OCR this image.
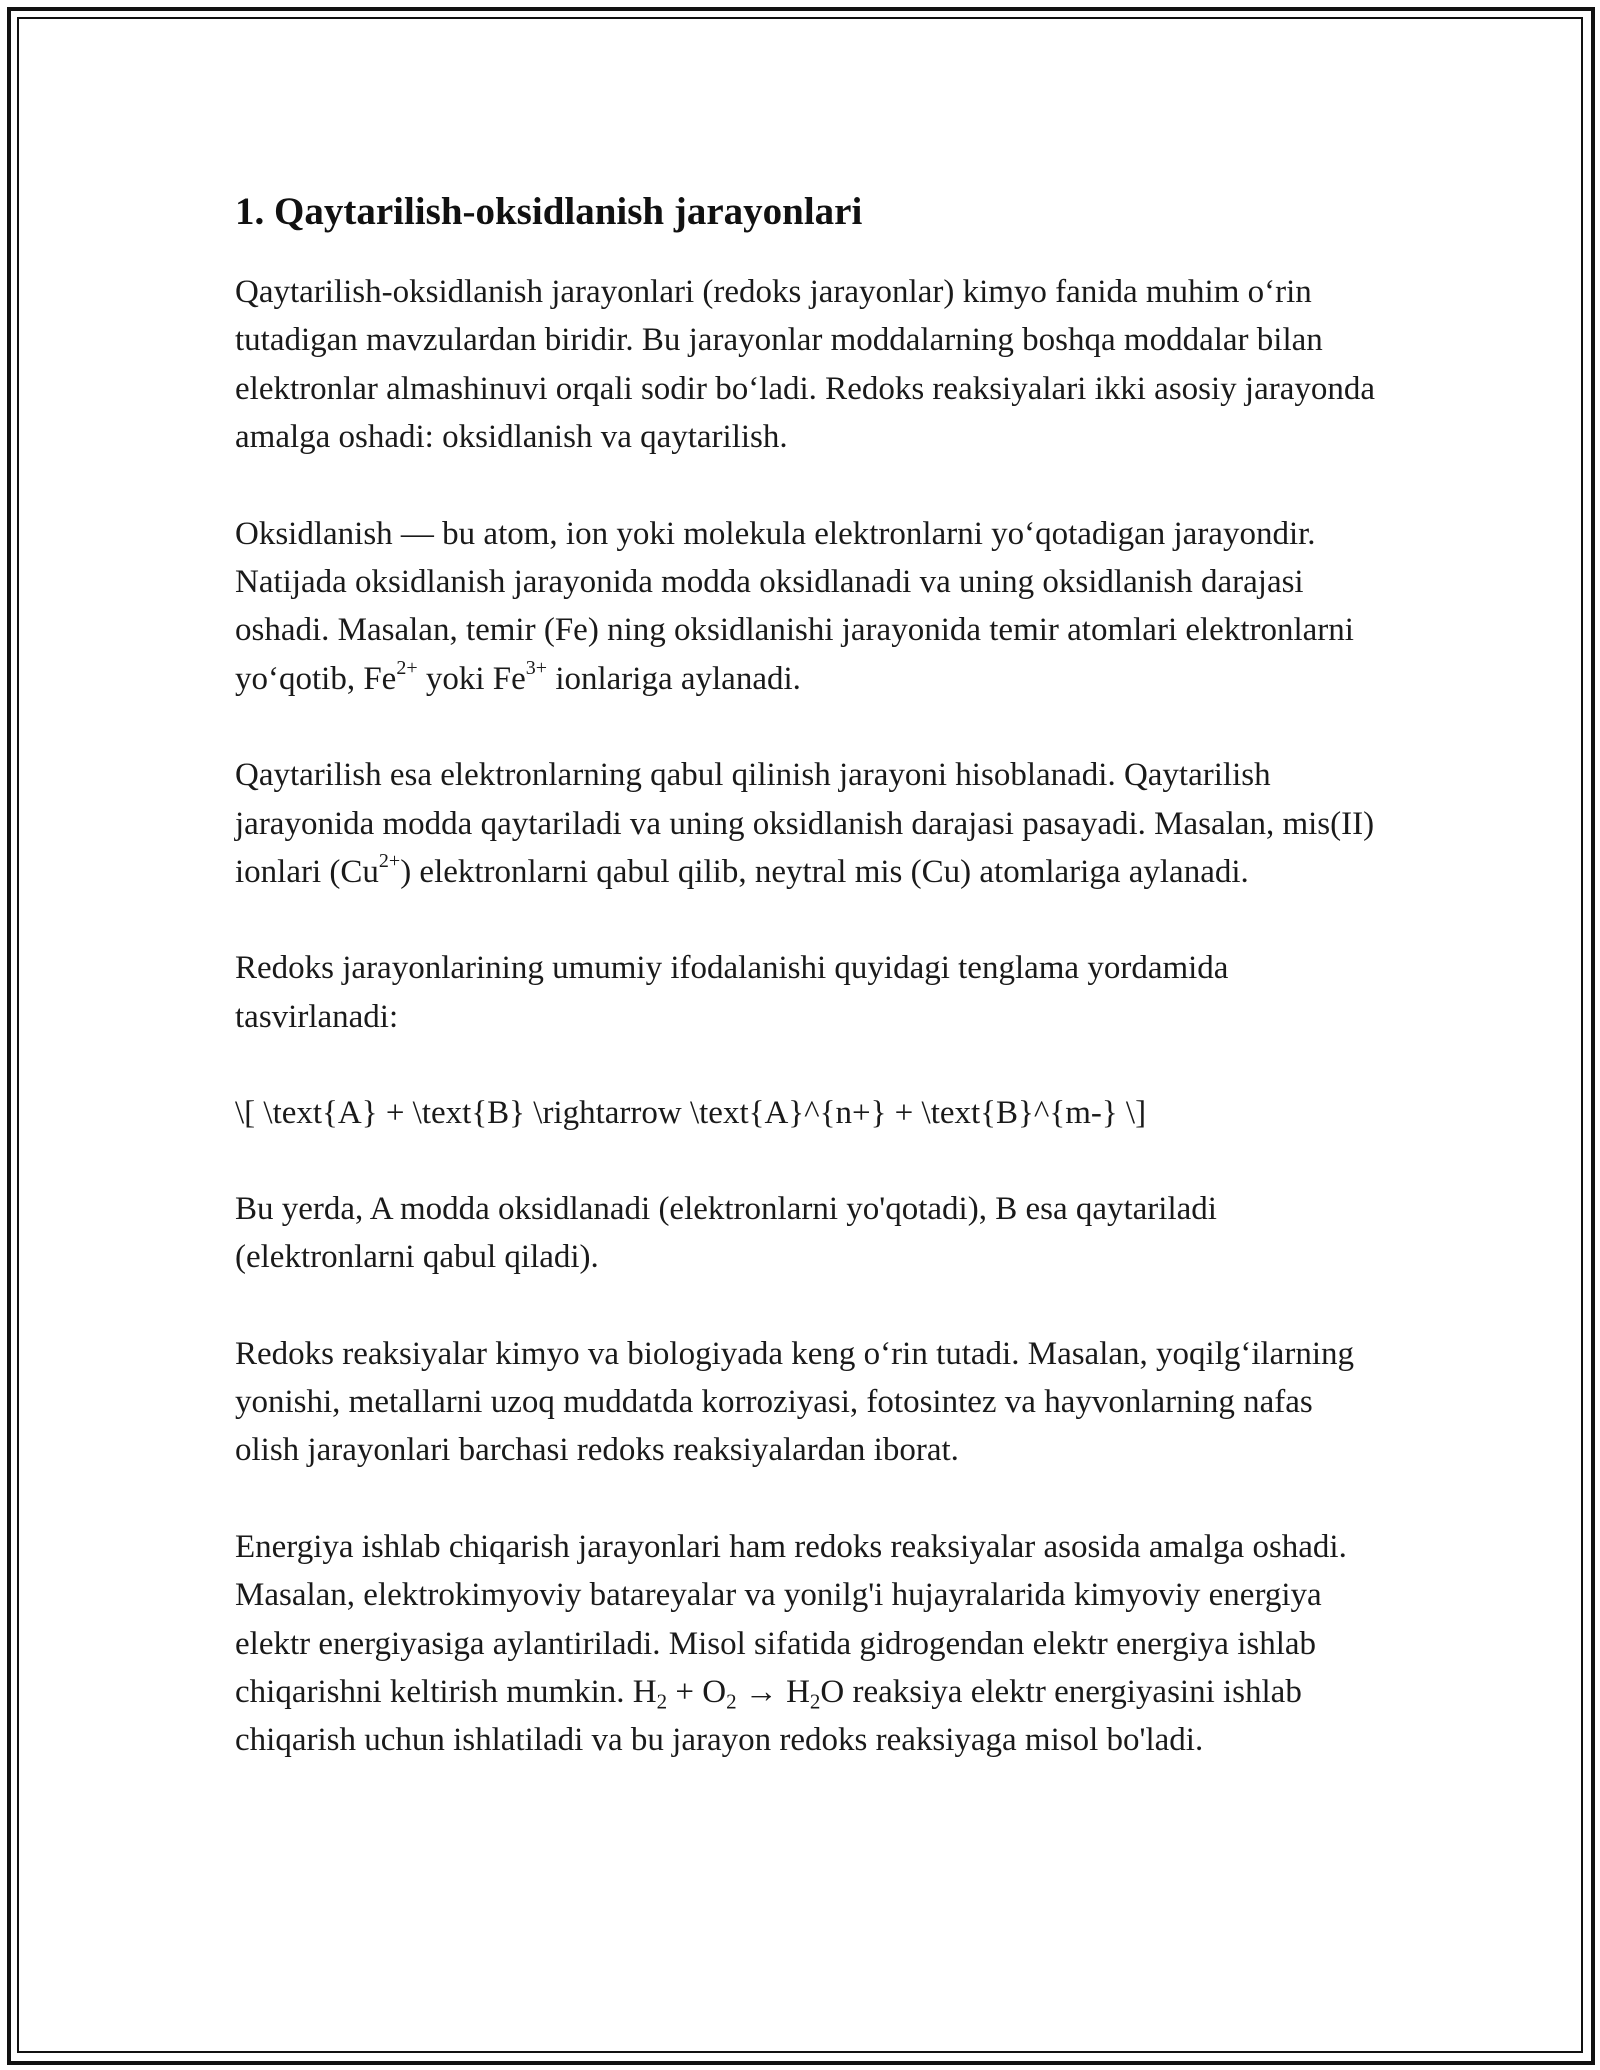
1. Qaytarilish-oksidlanish jarayonlari

Qaytarilish-oksidlanish jarayonlari (redoks jarayonlar) kimyo fanida muhim o‘rin tutadigan mavzulardan biridir. Bu jarayonlar moddalarning boshqa moddalar bilan elektronlar almashinuvi orqali sodir bo‘ladi. Redoks reaksiyalari ikki asosiy jarayonda amalga oshadi: oksidlanish va qaytarilish.

Oksidlanish — bu atom, ion yoki molekula elektronlarni yo‘qotadigan jarayondir. Natijada oksidlanish jarayonida modda oksidlanadi va uning oksidlanish darajasi oshadi. Masalan, temir (Fe) ning oksidlanishi jarayonida temir atomlari elektronlarni yo‘qotib, $Fe^{2+}$ yoki $Fe^{3+}$ ionlariga aylanadi.

Qaytarilish esa elektronlarning qabul qilinish jarayoni hisoblanadi. Qaytarilish jarayonida modda qaytariladi va uning oksidlanish darajasi pasayadi. Masalan, mis(II) ionlari $(Cu^{2+})$ elektronlarni qabul qilib, neytral mis (Cu) atomlariga aylanadi.

Redoks jarayonlarining umumiy ifodalanishi quyidagi tenglama yordamida tasvirlanadi:

\[ \text{A} + \text{B} \rightarrow \text{A}^{n+} + \text{B}^{m-} \]

Bu yerda, A modda oksidlanadi (elektronlarni yo'qotadi), B esa qaytariladi (elektronlarni qabul qiladi).

Redoks reaksiyalar kimyo va biologiyada keng o‘rin tutadi. Masalan, yoqilg‘ilarning yonishi, metallarni uzoq muddatda korroziyasi, fotosintez va hayvonlarning nafas olish jarayonlari barchasi redoks reaksiyalardan iborat.

Energiya ishlab chiqarish jarayonlari ham redoks reaksiyalar asosida amalga oshadi. Masalan, elektrokimyoviy batareyalar va yonilg'i hujayralarida kimyoviy energiya elektr energiyasiga aylantiriladi. Misol sifatida gidrogendan elektr energiya ishlab chiqarishni keltirish mumkin. $H_2 + O_2 \to H_2O$ reaksiya elektr energiyasini ishlab chiqarish uchun ishlatiladi va bu jarayon redoks reaksiyaga misol bo'ladi.
